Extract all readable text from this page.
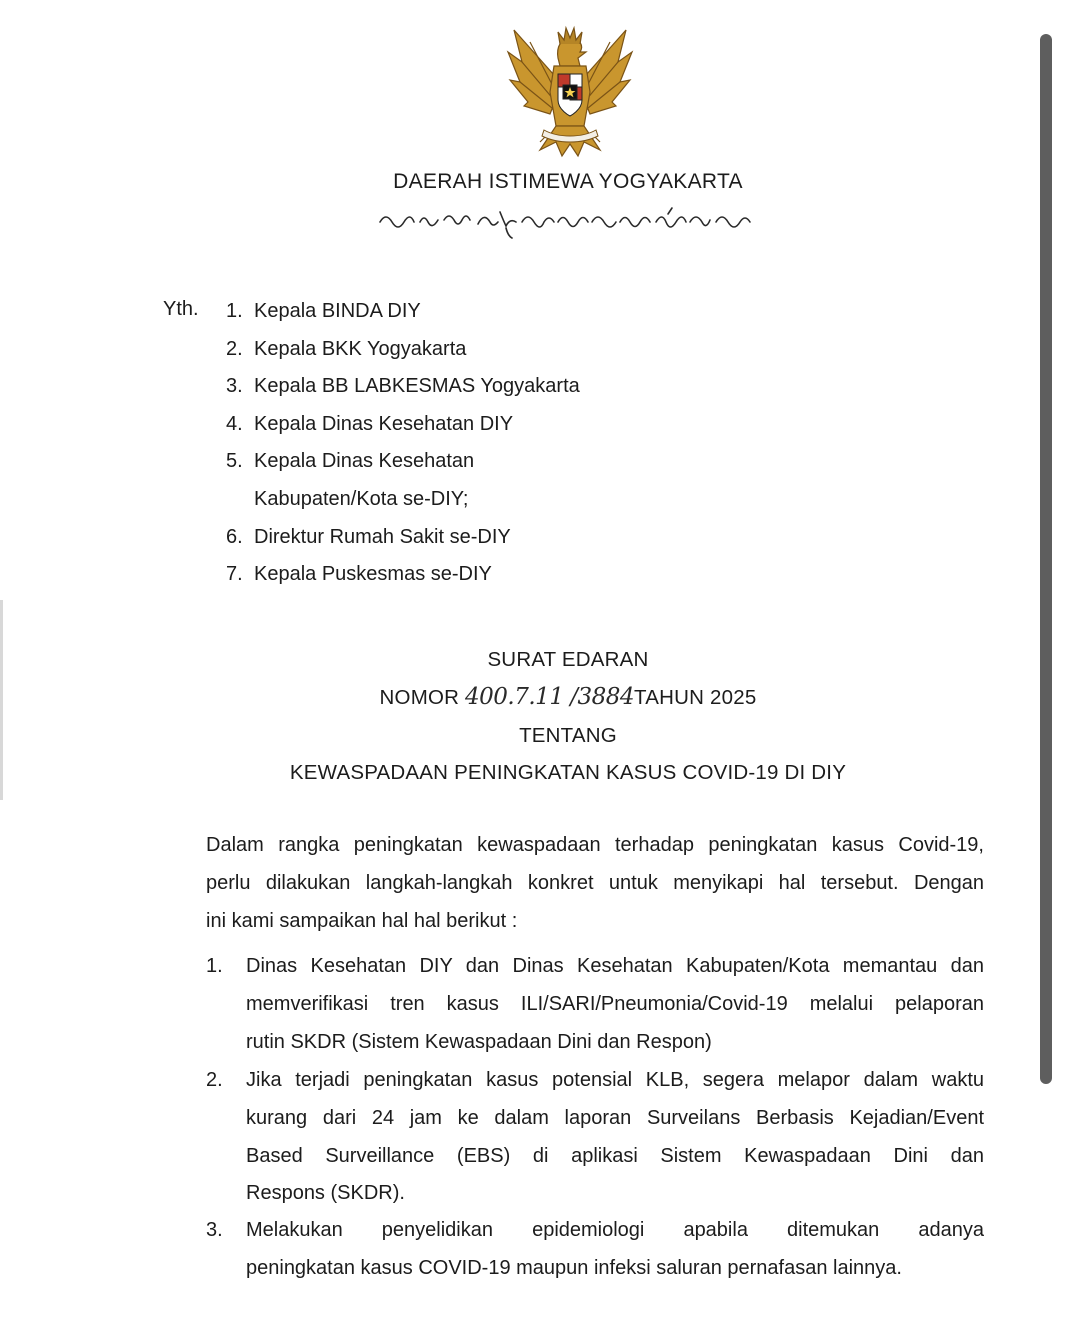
DAERAH ISTIMEWA YOGYAKARTA
Yth. 1. Kepala BINDA DIY
2. Kepala BKK Yogyakarta
3. Kepala BB LABKESMAS Yogyakarta
4. Kepala Dinas Kesehatan DIY
5. Kepala Dinas Kesehatan
Kabupaten/Kota se-DIY;
6. Direktur Rumah Sakit se-DIY
7. Kepala Puskesmas se-DIY
SURAT EDARAN
NOMOR 400.7.11 /3884TAHUN 2025
TENTANG
KEWASPADAAN PENINGKATAN KASUS COVID-19 DI DIY
Dalam rangka peningkatan kewaspadaan terhadap peningkatan kasus Covid-19,
perlu dilakukan langkah-langkah konkret untuk menyikapi hal tersebut. Dengan
ini kami sampaikan hal hal berikut :
1.	Dinas Kesehatan DIY dan Dinas Kesehatan Kabupaten/Kota memantau dan
memverifikasi tren kasus ILI/SARI/Pneumonia/Covid-19 melalui pelaporan
rutin SKDR (Sistem Kewaspadaan Dini dan Respon)
2.	Jika terjadi peningkatan kasus potensial KLB, segera melapor dalam waktu
kurang dari 24 jam ke dalam laporan Surveilans Berbasis Kejadian/Event
Based Surveillance (EBS) di aplikasi Sistem Kewaspadaan Dini dan
Respons (SKDR).
3.	Melakukan penyelidikan epidemiologi apabila ditemukan adanya
peningkatan kasus COVID-19 maupun infeksi saluran pernafasan lainnya.
